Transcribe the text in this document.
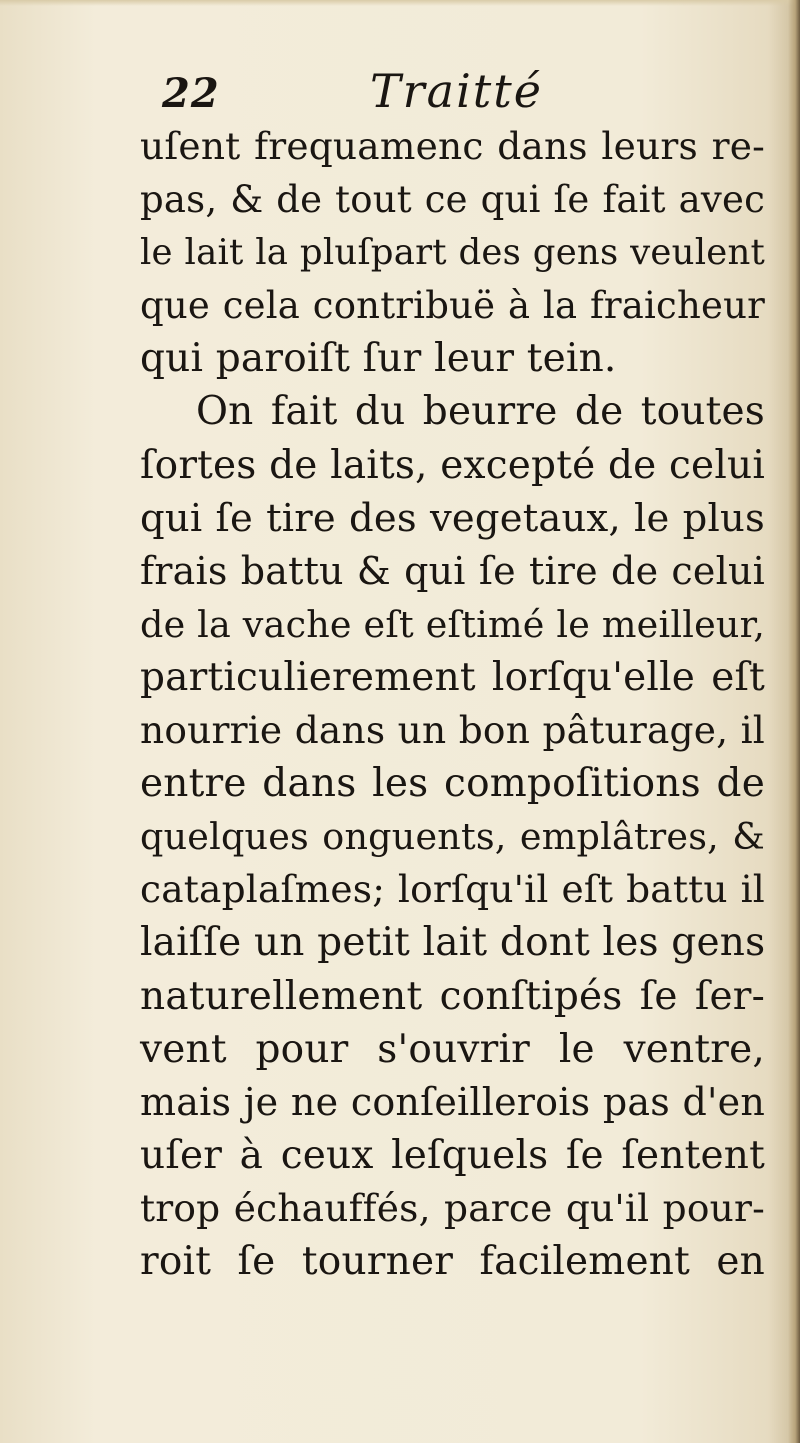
22	Traitté
uſent frequamenc dans leurs re-
pas, & de tout ce qui ſe fait avec
le lait la pluſpart des gens veulent
que cela contribuë à la fraicheur
qui paroiſt ſur leur tein.
On fait du beurre de toutes
ſortes de laits, excepté de celui
qui ſe tire des vegetaux, le plus
frais battu & qui ſe tire de celui
de la vache eſt eſtimé le meilleur,
particulierement lorſqu'elle eſt
nourrie dans un bon pâturage, il
entre dans les compoſitions de
quelques onguents, emplâtres, &
cataplaſmes; lorſqu'il eſt battu il
laiſſe un petit lait dont les gens
naturellement conſtipés ſe ſer-
vent pour s'ouvrir le ventre,
mais je ne conſeillerois pas d'en
uſer à ceux leſquels ſe ſentent
trop échauffés, parce qu'il pour-
roit ſe tourner facilement en
